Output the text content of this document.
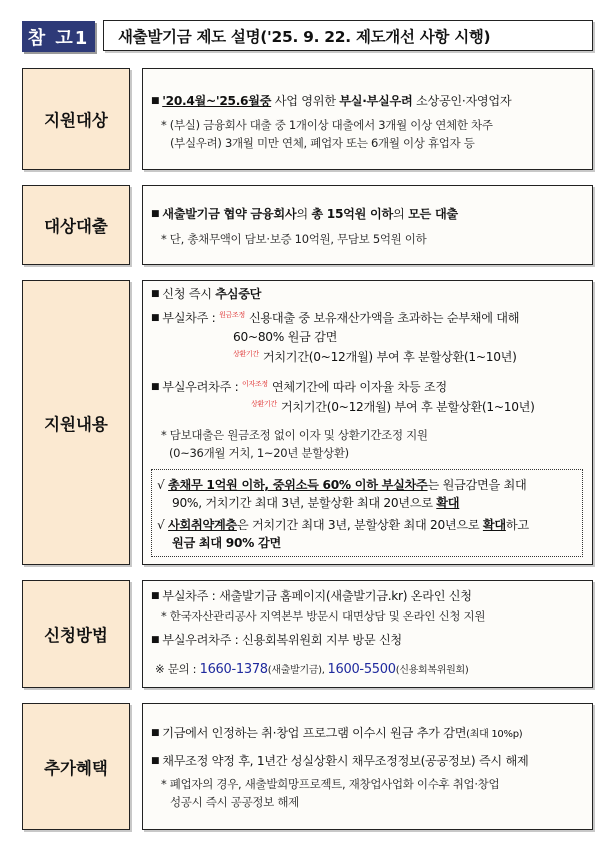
참 고1	새출발기금 제도 설명('25. 9. 22. 제도개선 사항 시행)
지원대상
■ '20.4월~'25.6월중 사업 영위한 부실·부실우려 소상공인·자영업자
* (부실) 금융회사 대출 중 1개이상 대출에서 3개월 이상 연체한 차주
(부실우려) 3개월 미만 연체, 폐업자 또는 6개월 이상 휴업자 등
대상대출
■ 새출발기금 협약 금융회사의 총 15억원 이하의 모든 대출
* 단, 총채무액이 담보·보증 10억원, 무담보 5억원 이하
지원내용
■ 신청 즉시 추심중단
■ 부실차주 : $^{원금조정}$ 신용대출 중 보유재산가액을 초과하는 순부채에 대해
60~80% 원금 감면
$^{상환기간}$ 거치기간(0~12개월) 부여 후 분할상환(1~10년)
■ 부실우려차주 : $^{이자조정}$ 연체기간에 따라 이자율 차등 조정
$^{상환기간}$ 거치기간(0~12개월) 부여 후 분할상환(1~10년)
* 담보대출은 원금조정 없이 이자 및 상환기간조정 지원
(0~36개월 거치, 1~20년 분할상환)
√ 총채무 1억원 이하, 중위소득 60% 이하 부실차주는 원금감면을 최대
90%, 거치기간 최대 3년, 분할상환 최대 20년으로 확대
√ 사회취약계층은 거치기간 최대 3년, 분할상환 최대 20년으로 확대하고
원금 최대 90% 감면
신청방법
■ 부실차주 : 새출발기금 홈페이지(새출발기금.kr) 온라인 신청
* 한국자산관리공사 지역본부 방문시 대면상담 및 온라인 신청 지원
■ 부실우려차주 : 신용회복위원회 지부 방문 신청
※ 문의 : 1660-1378(새출발기금), 1600-5500(신용회복위원회)
추가혜택
■ 기금에서 인정하는 취·창업 프로그램 이수시 원금 추가 감면(최대 10%p)
■ 채무조정 약정 후, 1년간 성실상환시 채무조정정보(공공정보) 즉시 해제
* 폐업자의 경우, 새출발희망프로젝트, 재창업사업화 이수후 취업·창업
성공시 즉시 공공정보 해제
